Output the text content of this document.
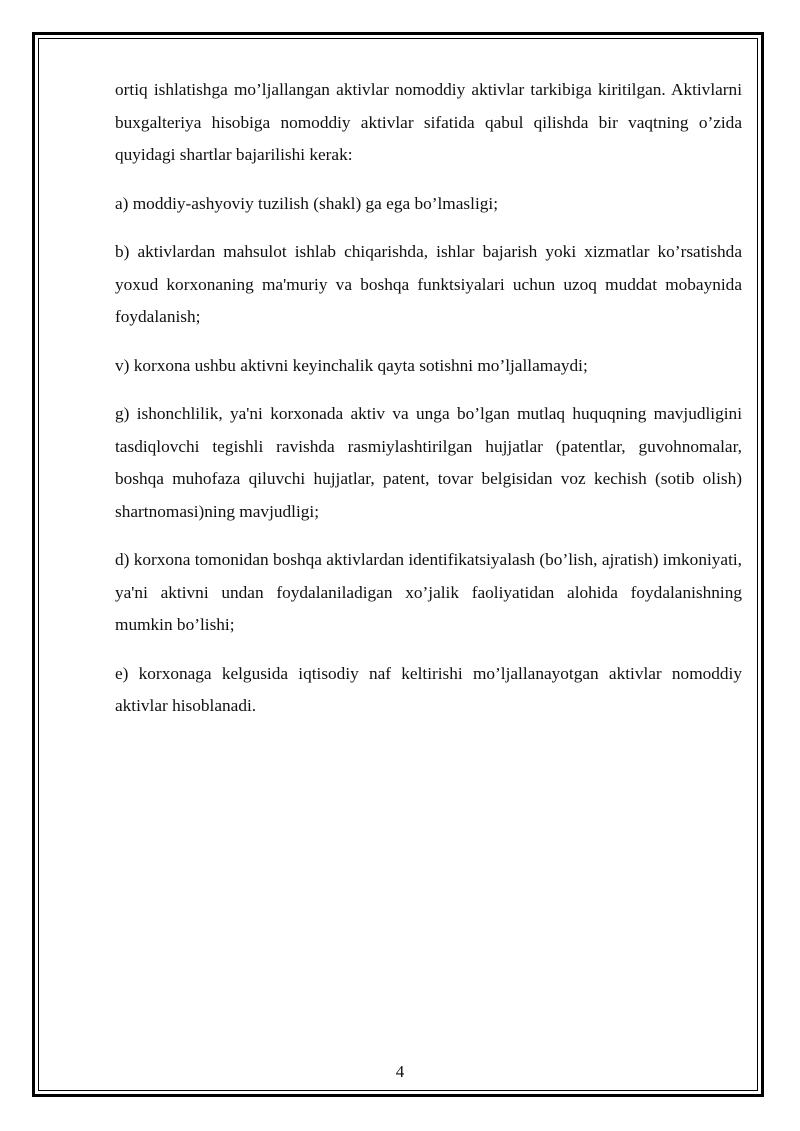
ortiq ishlatishga mo’ljallangan aktivlar nomoddiy aktivlar tarkibiga kiritilgan. Aktivlarni buxgalteriya hisobiga nomoddiy aktivlar sifatida qabul qilishda bir vaqtning o’zida quyidagi shartlar bajarilishi kerak:

a) moddiy-ashyoviy tuzilish (shakl) ga ega bo’lmasligi;

b) aktivlardan mahsulot ishlab chiqarishda, ishlar bajarish yoki xizmatlar ko’rsatishda yoxud korxonaning ma'muriy va boshqa funktsiyalari uchun uzoq muddat mobaynida foydalanish;

v) korxona ushbu aktivni keyinchalik qayta sotishni mo’ljallamaydi;

g) ishonchlilik, ya'ni korxonada aktiv va unga bo’lgan mutlaq huquqning mavjudligini tasdiqlovchi tegishli ravishda rasmiylashtirilgan hujjatlar (patentlar, guvohnomalar, boshqa muhofaza qiluvchi hujjatlar, patent, tovar belgisidan voz kechish (sotib olish) shartnomasi)ning mavjudligi;

d) korxona tomonidan boshqa aktivlardan identifikatsiyalash (bo’lish, ajratish) imkoniyati, ya'ni aktivni undan foydalaniladigan xo’jalik faoliyatidan alohida foydalanishning mumkin bo’lishi;

e) korxonaga kelgusida iqtisodiy naf keltirishi mo’ljallanayotgan aktivlar nomoddiy aktivlar hisoblanadi.

4
